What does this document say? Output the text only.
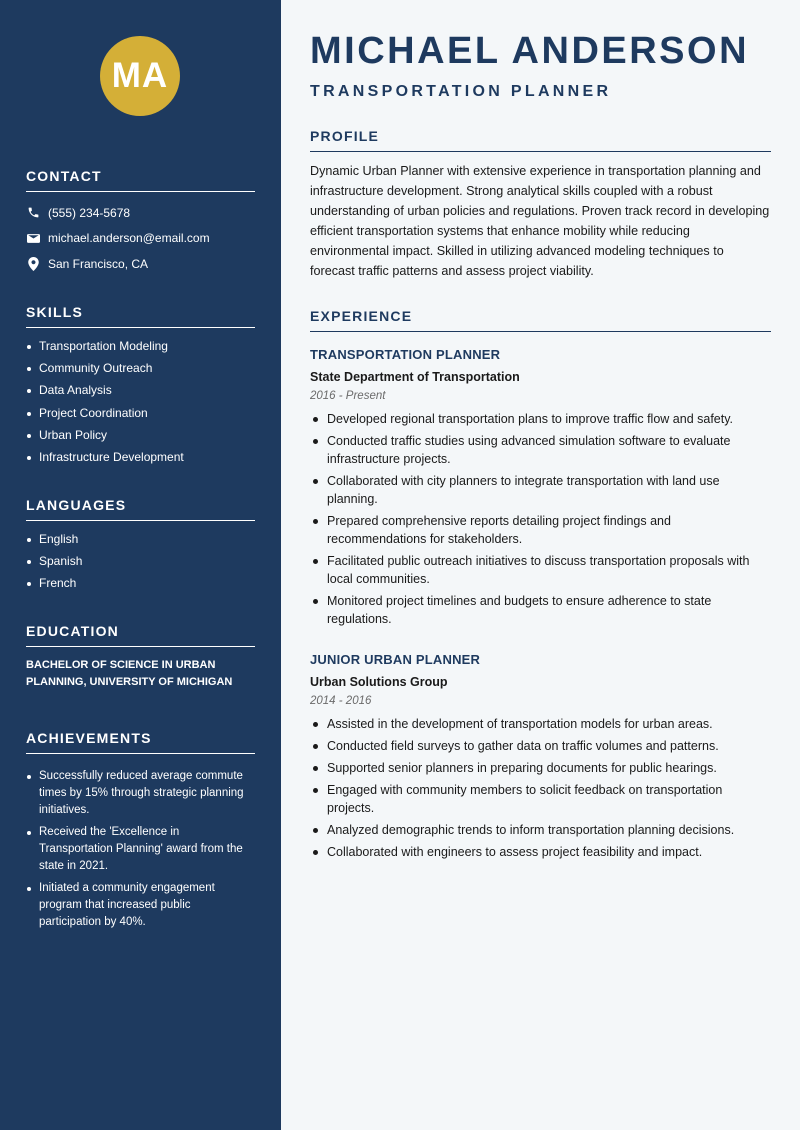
MA
CONTACT
(555) 234-5678
michael.anderson@email.com
San Francisco, CA
SKILLS
Transportation Modeling
Community Outreach
Data Analysis
Project Coordination
Urban Policy
Infrastructure Development
LANGUAGES
English
Spanish
French
EDUCATION
BACHELOR OF SCIENCE IN URBAN PLANNING, UNIVERSITY OF MICHIGAN
ACHIEVEMENTS
Successfully reduced average commute times by 15% through strategic planning initiatives.
Received the 'Excellence in Transportation Planning' award from the state in 2021.
Initiated a community engagement program that increased public participation by 40%.
MICHAEL ANDERSON
TRANSPORTATION PLANNER
PROFILE

Dynamic Urban Planner with extensive experience in transportation planning and infrastructure development. Strong analytical skills coupled with a robust understanding of urban policies and regulations. Proven track record in developing efficient transportation systems that enhance mobility while reducing environmental impact. Skilled in utilizing advanced modeling techniques to forecast traffic patterns and assess project viability.

EXPERIENCE
TRANSPORTATION PLANNER
State Department of Transportation
2016 - Present
Developed regional transportation plans to improve traffic flow and safety.
Conducted traffic studies using advanced simulation software to evaluate infrastructure projects.
Collaborated with city planners to integrate transportation with land use planning.
Prepared comprehensive reports detailing project findings and recommendations for stakeholders.
Facilitated public outreach initiatives to discuss transportation proposals with local communities.
Monitored project timelines and budgets to ensure adherence to state regulations.
JUNIOR URBAN PLANNER
Urban Solutions Group
2014 - 2016
Assisted in the development of transportation models for urban areas.
Conducted field surveys to gather data on traffic volumes and patterns.
Supported senior planners in preparing documents for public hearings.
Engaged with community members to solicit feedback on transportation projects.
Analyzed demographic trends to inform transportation planning decisions.
Collaborated with engineers to assess project feasibility and impact.
